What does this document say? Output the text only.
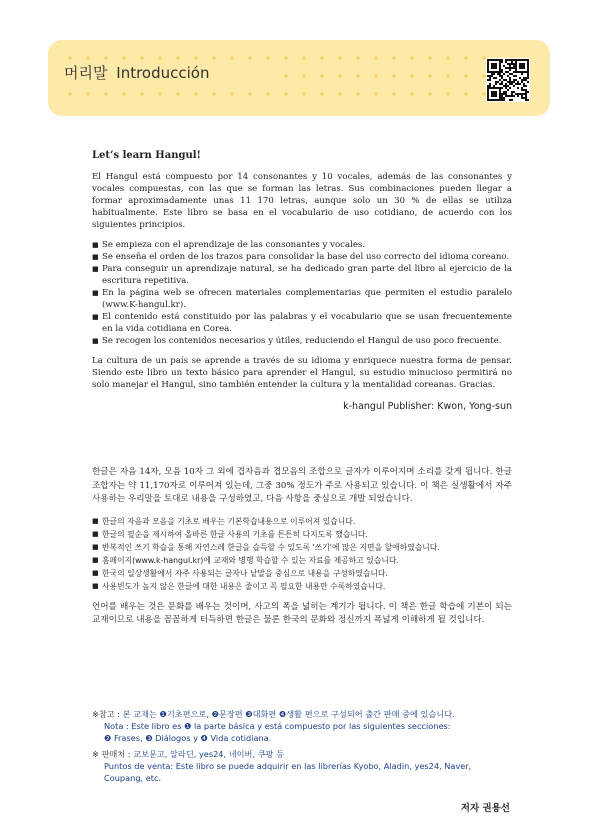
머리말 Introducción
Let’s learn Hangul!

El Hangul está compuesto por 14 consonantes y 10 vocales, además de las consonantes y vocales compuestas, con las que se forman las letras. Sus combinaciones pueden llegar a formar aproximadamente unas 11 170 letras, aunque solo un 30 % de ellas se utiliza habitualmente. Este libro se basa en el vocabulario de uso cotidiano, de acuerdo con los siguientes principios.

■ Se empieza con el aprendizaje de las consonantes y vocales.
■ Se enseña el orden de los trazos para consolidar la base del uso correcto del idioma coreano.
■ Para conseguir un aprendizaje natural, se ha dedicado gran parte del libro al ejercicio de la escritura repetitiva.
■ En la página web se ofrecen materiales complementarias que permiten el estudio paralelo (www.K-hangul.kr).
■ El contenido está constituido por las palabras y el vocabulario que se usan frecuentemente en la vida cotidiana en Corea.
■ Se recogen los contenidos necesarios y útiles, reduciendo el Hangul de uso poco frecuente.

La cultura de un país se aprende a través de su idioma y enriquece nuestra forma de pensar. Siendo este libro un texto básico para aprender el Hangul, su estudio minucioso permitirá no solo manejar el Hangul, sino también entender la cultura y la mentalidad coreanas. Gracias.

k-hangul Publisher: Kwon, Yong-sun

한글은 자음 14자, 모음 10자 그 외에 겹자음과 겹모음의 조합으로 글자가 이루어지며 소리를 갖게 됩니다. 한글 조합자는 약 11,170자로 이루어져 있는데, 그중 30% 정도가 주로 사용되고 있습니다. 이 책은 실생활에서 자주 사용하는 우리말을 토대로 내용을 구성하였고, 다음 사항을 중심으로 개발 되었습니다.

■ 한글의 자음과 모음을 기초로 배우는 기본학습내용으로 이루어져 있습니다.
■ 한글의 필순을 제시하여 올바른 한글 사용의 기초를 튼튼히 다지도록 했습니다.
■ 반복적인 쓰기 학습을 통해 자연스레 한글을 습득할 수 있도록 '쓰기'에 많은 지면을 할애하였습니다.
■ 홈페이지(www.k-hangul.kr)에 교재와 병행 학습할 수 있는 자료를 제공하고 있습니다.
■ 한국의 일상생활에서 자주 사용되는 글자나 낱말을 중심으로 내용을 구성하였습니다.
■ 사용빈도가 높지 않은 한글에 대한 내용은 줄이고 꼭 필요한 내용만 수록하였습니다.

언어를 배우는 것은 문화를 배우는 것이며, 사고의 폭을 넓히는 계기가 됩니다. 이 책은 한글 학습에 기본이 되는 교재이므로 내용을 꼼꼼하게 터득하면 한글은 물론 한국의 문화와 정신까지 폭넓게 이해하게 될 것입니다.

※참고 : 본 교재는 ❶기초편으로, ❷문장편 ❸대화편 ❹생활 편으로 구성되어 출간 판매 중에 있습니다.
Nota : Este libro es ❶ la parte básica y está compuesto por las siguientes secciones:
❷ Frases, ❸ Diálogos y ❹ Vida cotidiana.
※ 판매처 : 교보문고, 알라딘, yes24, 네이버, 쿠팡 등
Puntos de venta: Este libro se puede adquirir en las librerías Kyobo, Aladin, yes24, Naver,
Coupang, etc.

저자 권용선
